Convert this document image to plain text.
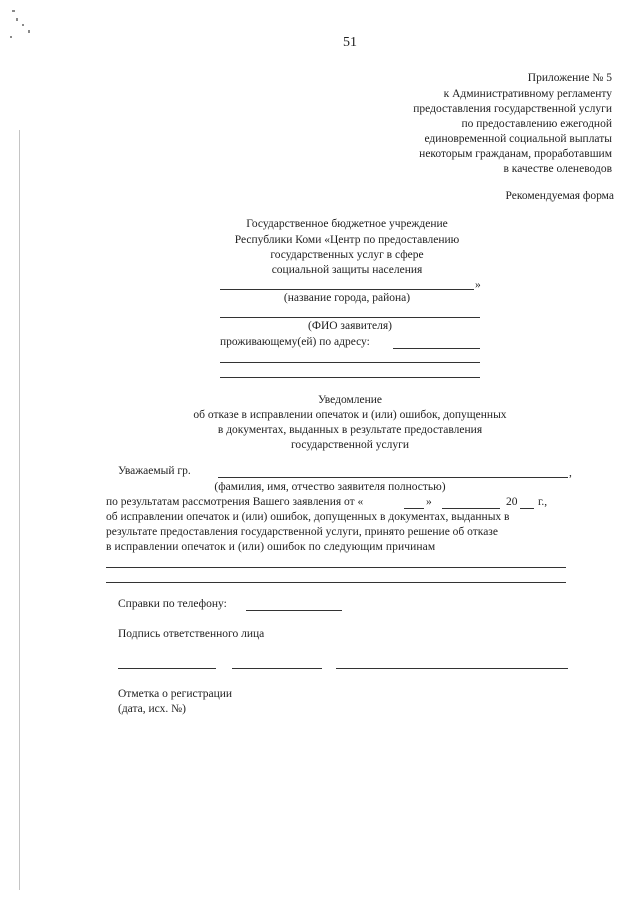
51
Приложение № 5
к Административному регламенту
предоставления государственной услуги
по предоставлению ежегодной
единовременной социальной выплаты
некоторым гражданам, проработавшим
в качестве оленеводов
Рекомендуемая форма
Государственное бюджетное учреждение
Республики Коми «Центр по предоставлению
государственных услуг в сфере
социальной защиты населения
»
(название города, района)
(ФИО заявителя)
проживающему(ей) по адресу:
Уведомление
об отказе в исправлении опечаток и (или) ошибок, допущенных
в документах, выданных в результате предоставления
государственной услуги
Уважаемый гр.	,
(фамилия, имя, отчество заявителя полностью)
по результатам рассмотрения Вашего заявления от «	»	20 г.,
об исправлении опечаток и (или) ошибок, допущенных в документах, выданных в
результате предоставления государственной услуги, принято решение об отказе
в исправлении опечаток и (или) ошибок по следующим причинам
Справки по телефону:
Подпись ответственного лица
Отметка о регистрации
(дата, исх. №)
